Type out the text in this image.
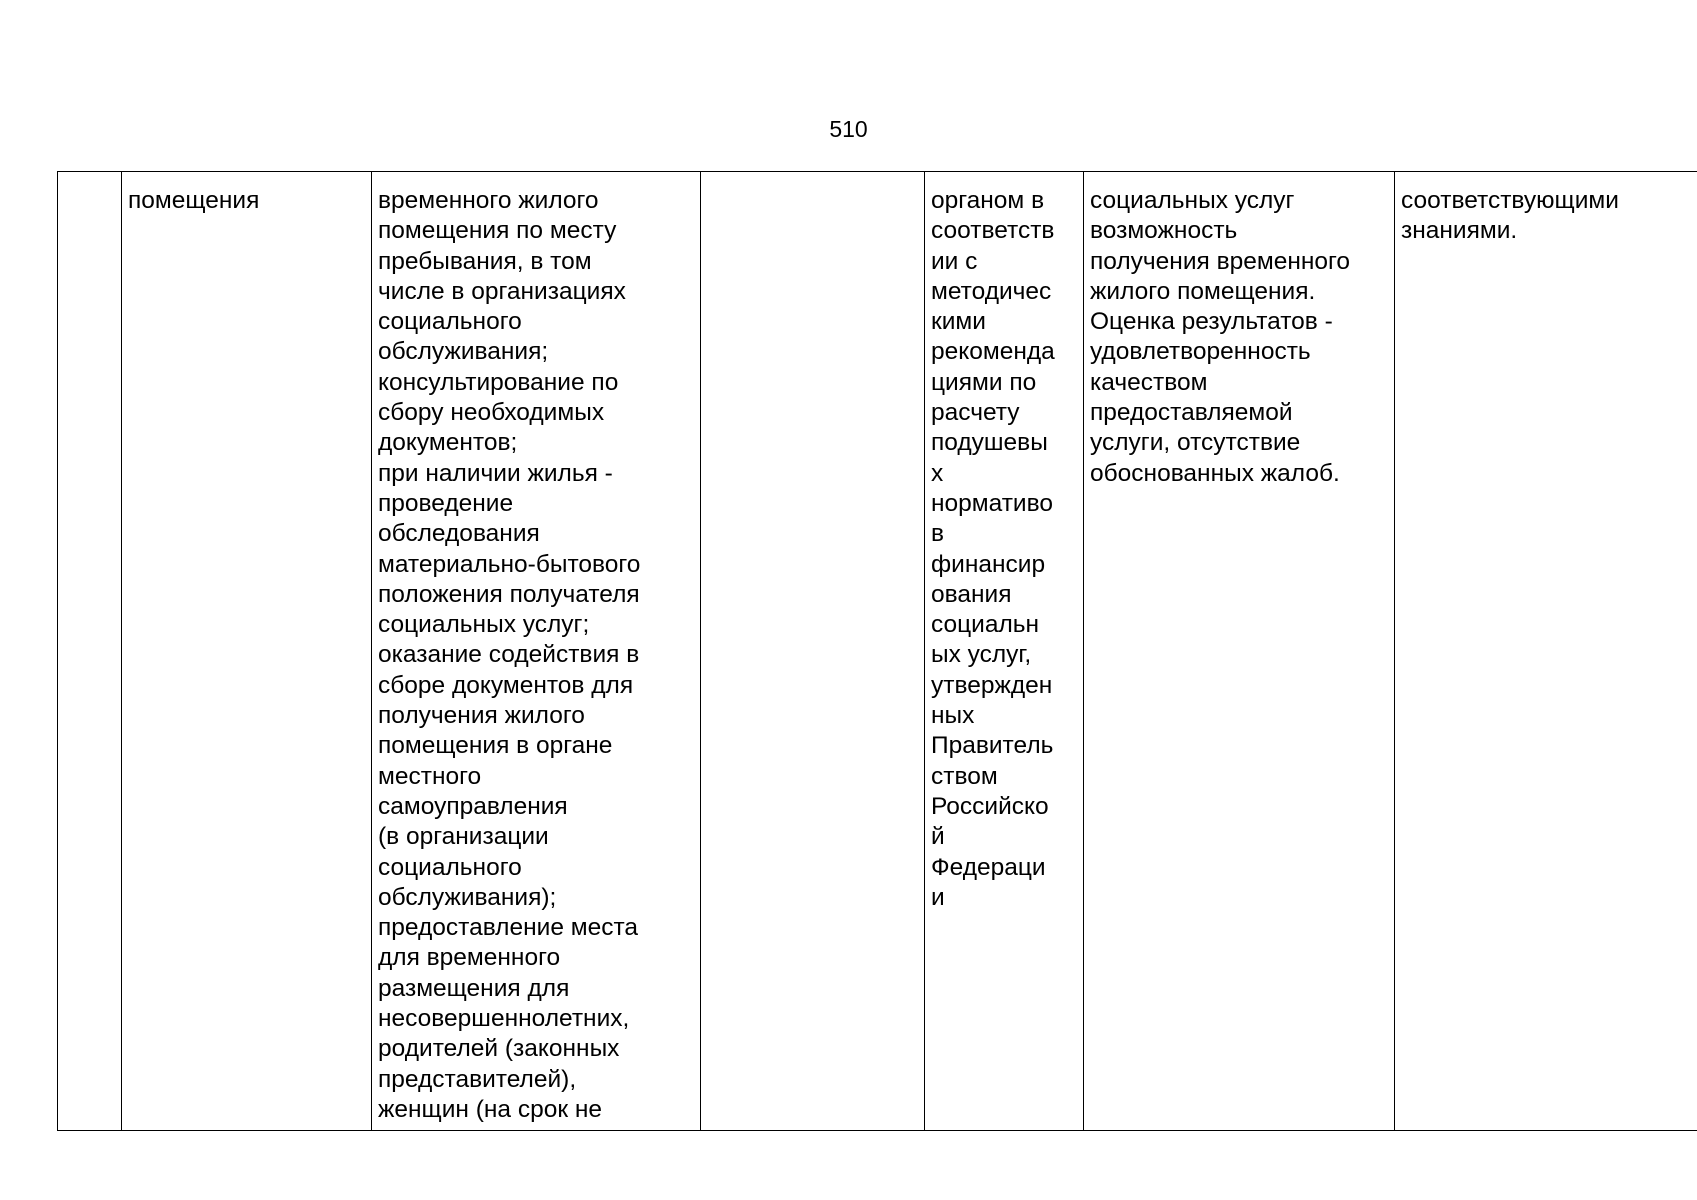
510
	помещения	временного жилого
помещения по месту
пребывания, в том
числе в организациях
социального
обслуживания;
консультирование по
сбору необходимых
документов;
при наличии жилья -
проведение
обследования
материально-бытового
положения получателя
социальных услуг;
оказание содействия в
сборе документов для
получения жилого
помещения в органе
местного
самоуправления
(в организации
социального
обслуживания);
предоставление места
для временного
размещения для
несовершеннолетних,
родителей (законных
представителей),
женщин (на срок не		органом в
соответств
ии с
методичес
кими
рекоменда
циями по
расчету
подушевы
х
нормативо
в
финансир
ования
социальн
ых услуг,
утвержден
ных
Правитель
ством
Российско
й
Федераци
и	социальных услуг
возможность
получения временного
жилого помещения.
Оценка результатов -
удовлетворенность
качеством
предоставляемой
услуги, отсутствие
обоснованных жалоб.	соответствующими
знаниями.
